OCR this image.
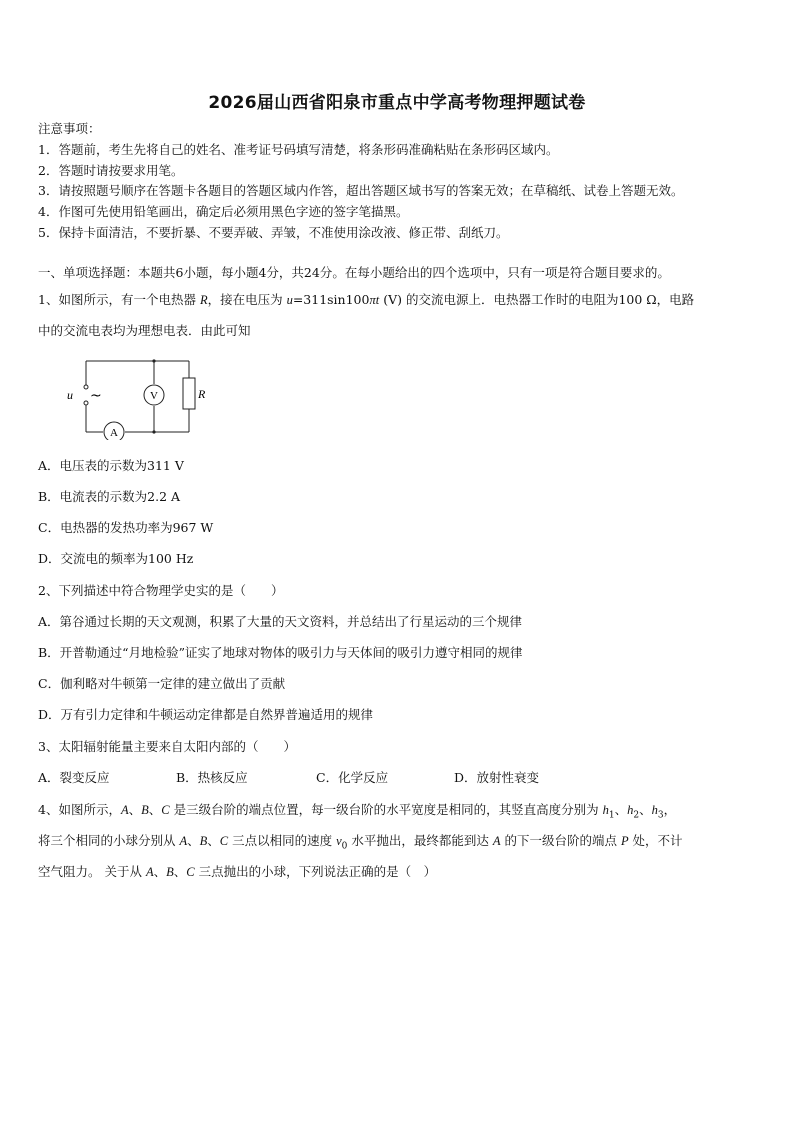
2026届山西省阳泉市重点中学高考物理押题试卷
注意事项：
1．答题前，考生先将自己的姓名、准考证号码填写清楚，将条形码准确粘贴在条形码区域内。
2．答题时请按要求用笔。
3．请按照题号顺序在答题卡各题目的答题区域内作答，超出答题区域书写的答案无效；在草稿纸、试卷上答题无效。
4．作图可先使用铅笔画出，确定后必须用黑色字迹的签字笔描黑。
5．保持卡面清洁，不要折暴、不要弄破、弄皱，不准使用涂改液、修正带、刮纸刀。
一、单项选择题：本题共6小题，每小题4分，共24分。在每小题给出的四个选项中，只有一项是符合题目要求的。
1、如图所示，有一个电热器 R，接在电压为 u=311sin100πt (V) 的交流电源上．电热器工作时的电阻为100 Ω，电路
中的交流电表均为理想电表．由此可知
u ~	V
A
R
A．电压表的示数为311 V
B．电流表的示数为2.2 A
C．电热器的发热功率为967 W
D．交流电的频率为100 Hz
2、下列描述中符合物理学史实的是（　　）
A．第谷通过长期的天文观测，积累了大量的天文资料，并总结出了行星运动的三个规律
B．开普勒通过“月地检验”证实了地球对物体的吸引力与天体间的吸引力遵守相同的规律
C．伽利略对牛顿第一定律的建立做出了贡献
D．万有引力定律和牛顿运动定律都是自然界普遍适用的规律
3、太阳辐射能量主要来自太阳内部的（　　）
A．裂变反应	B．热核反应	C．化学反应	D．放射性衰变
4、如图所示，A、B、C 是三级台阶的端点位置，每一级台阶的水平宽度是相同的，其竖直高度分别为 $h_1$、$h_2$、$h_3$，
将三个相同的小球分别从 A、B、C 三点以相同的速度 $v_0$ 水平抛出，最终都能到达 A 的下一级台阶的端点 P 处，不计
空气阻力。 关于从 A、B、C 三点抛出的小球，下列说法正确的是（　）
